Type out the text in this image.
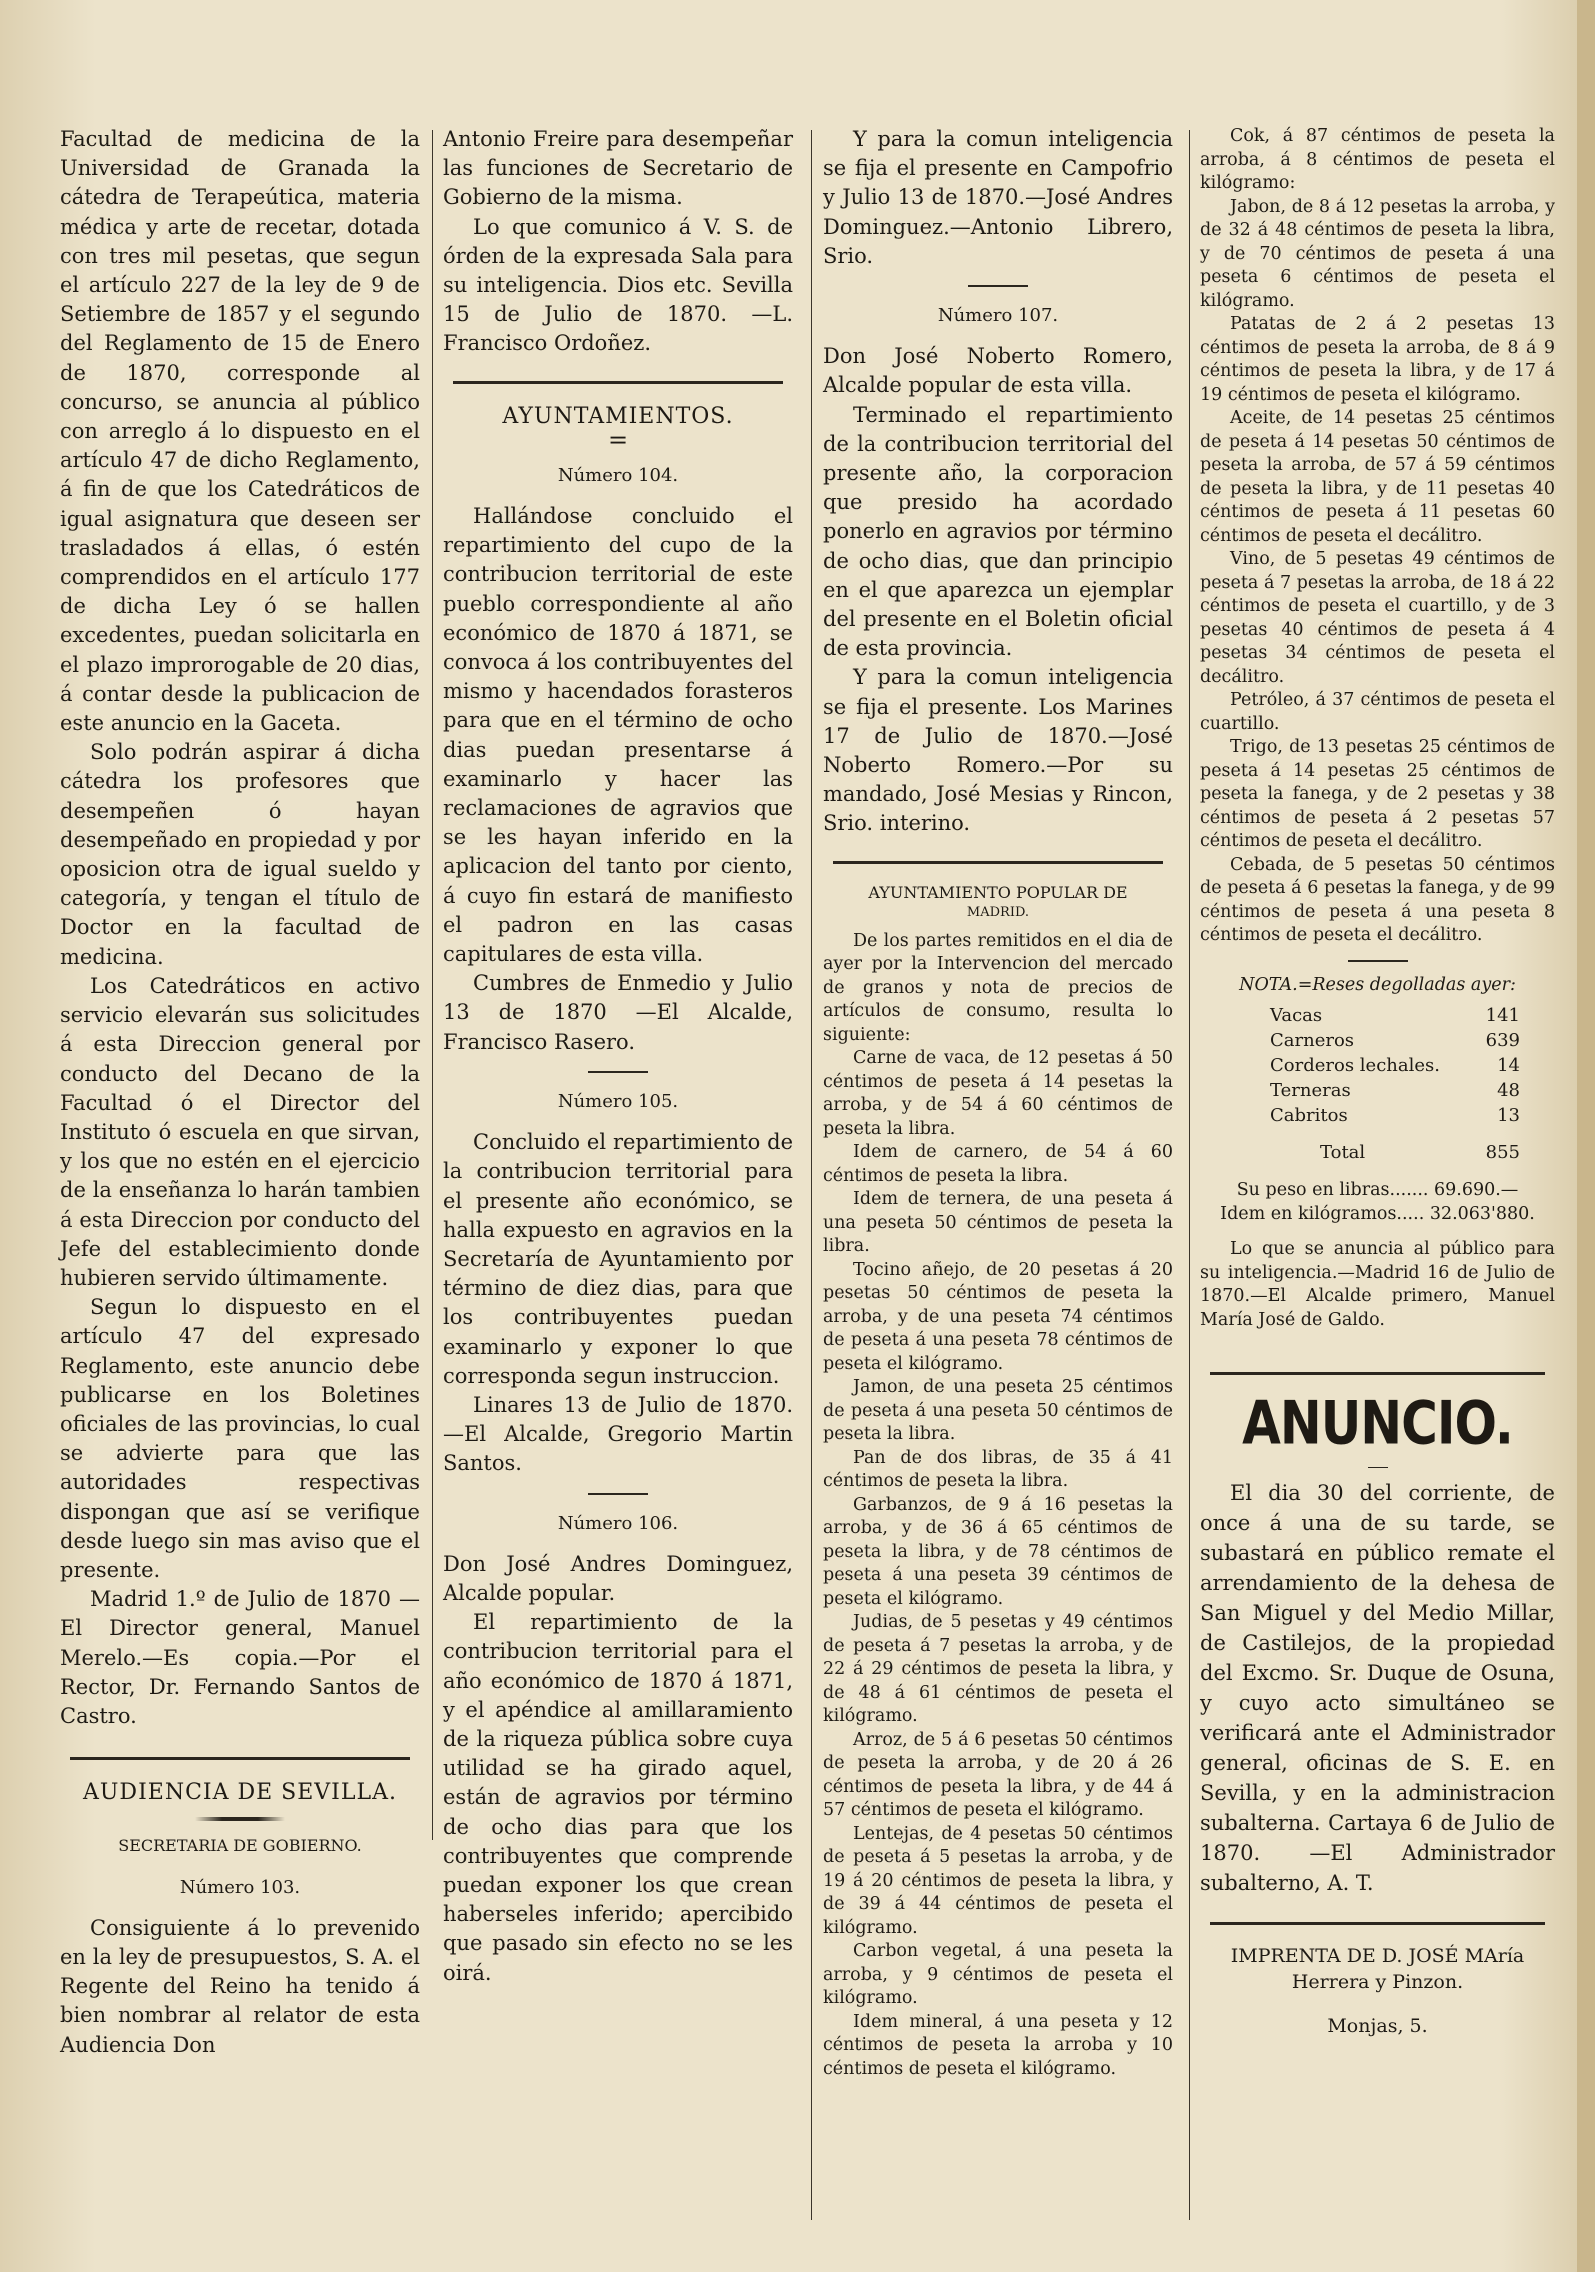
Facultad de medicina de la Universidad de Granada la cátedra de Terapeútica, materia médica y arte de recetar, dotada con tres mil pesetas, que segun el artículo 227 de la ley de 9 de Setiembre de 1857 y el segundo del Reglamento de 15 de Enero de 1870, corresponde al concurso, se anuncia al público con arreglo á lo dispuesto en el artículo 47 de dicho Reglamento, á fin de que los Catedráticos de igual asignatura que deseen ser trasladados á ellas, ó estén comprendidos en el artículo 177 de dicha Ley ó se hallen excedentes, puedan solicitarla en el plazo improrogable de 20 dias, á contar desde la publicacion de este anuncio en la Gaceta.

Solo podrán aspirar á dicha cátedra los profesores que desempeñen ó hayan desempeñado en propiedad y por oposicion otra de igual sueldo y categoría, y tengan el título de Doctor en la facultad de medicina.

Los Catedráticos en activo servicio elevarán sus solicitudes á esta Direccion general por conducto del Decano de la Facultad ó el Director del Instituto ó escuela en que sirvan, y los que no estén en el ejercicio de la enseñanza lo harán tambien á esta Direccion por conducto del Jefe del establecimiento donde hubieren servido últimamente.

Segun lo dispuesto en el artículo 47 del expresado Reglamento, este anuncio debe publicarse en los Boletines oficiales de las provincias, lo cual se advierte para que las autoridades respectivas dispongan que así se verifique desde luego sin mas aviso que el presente.

Madrid 1.º de Julio de 1870 —El Director general, Manuel Merelo.—Es copia.—Por el Rector, Dr. Fernando Santos de Castro.

AUDIENCIA DE SEVILLA.

SECRETARIA DE GOBIERNO.

Número 103.

Consiguiente á lo prevenido en la ley de presupuestos, S. A. el Regente del Reino ha tenido á bien nombrar al relator de esta Audiencia Don

Antonio Freire para desempeñar las funciones de Secretario de Gobierno de la misma.

Lo que comunico á V. S. de órden de la expresada Sala para su inteligencia. Dios etc. Sevilla 15 de Julio de 1870. —L. Francisco Ordoñez.

AYUNTAMIENTOS.

=

Número 104.

Hallándose concluido el repartimiento del cupo de la contribucion territorial de este pueblo correspondiente al año económico de 1870 á 1871, se convoca á los contribuyentes del mismo y hacendados forasteros para que en el término de ocho dias puedan presentarse á examinarlo y hacer las reclamaciones de agravios que se les hayan inferido en la aplicacion del tanto por ciento, á cuyo fin estará de manifiesto el padron en las casas capitulares de esta villa.

Cumbres de Enmedio y Julio 13 de 1870 —El Alcalde, Francisco Rasero.

Número 105.

Concluido el repartimiento de la contribucion territorial para el presente año económico, se halla expuesto en agravios en la Secretaría de Ayuntamiento por término de diez dias, para que los contribuyentes puedan examinarlo y exponer lo que corresponda segun instruccion.

Linares 13 de Julio de 1870. —El Alcalde, Gregorio Martin Santos.

Número 106.

Don José Andres Dominguez, Alcalde popular.

El repartimiento de la contribucion territorial para el año económico de 1870 á 1871, y el apéndice al amillaramiento de la riqueza pública sobre cuya utilidad se ha girado aquel, están de agravios por término de ocho dias para que los contribuyentes que comprende puedan exponer los que crean haberseles inferido; apercibido que pasado sin efecto no se les oirá.

Y para la comun inteligencia se fija el presente en Campofrio y Julio 13 de 1870.—José Andres Dominguez.—Antonio Librero, Srio.

Número 107.

Don José Noberto Romero, Alcalde popular de esta villa.

Terminado el repartimiento de la contribucion territorial del presente año, la corporacion que presido ha acordado ponerlo en agravios por término de ocho dias, que dan principio en el que aparezca un ejemplar del presente en el Boletin oficial de esta provincia.

Y para la comun inteligencia se fija el presente. Los Marines 17 de Julio de 1870.—José Noberto Romero.—Por su mandado, José Mesias y Rincon, Srio. interino.

AYUNTAMIENTO POPULAR DE

MADRID.

De los partes remitidos en el dia de ayer por la Intervencion del mercado de granos y nota de precios de artículos de consumo, resulta lo siguiente:

Carne de vaca, de 12 pesetas á 50 céntimos de peseta á 14 pesetas la arroba, y de 54 á 60 céntimos de peseta la libra.

Idem de carnero, de 54 á 60 céntimos de peseta la libra.

Idem de ternera, de una peseta á una peseta 50 céntimos de peseta la libra.

Tocino añejo, de 20 pesetas á 20 pesetas 50 céntimos de peseta la arroba, y de una peseta 74 céntimos de peseta á una peseta 78 céntimos de peseta el kilógramo.

Jamon, de una peseta 25 céntimos de peseta á una peseta 50 céntimos de peseta la libra.

Pan de dos libras, de 35 á 41 céntimos de peseta la libra.

Garbanzos, de 9 á 16 pesetas la arroba, y de 36 á 65 céntimos de peseta la libra, y de 78 céntimos de peseta á una peseta 39 céntimos de peseta el kilógramo.

Judias, de 5 pesetas y 49 céntimos de peseta á 7 pesetas la arroba, y de 22 á 29 céntimos de peseta la libra, y de 48 á 61 céntimos de peseta el kilógramo.

Arroz, de 5 á 6 pesetas 50 céntimos de peseta la arroba, y de 20 á 26 céntimos de peseta la libra, y de 44 á 57 céntimos de peseta el kilógramo.

Lentejas, de 4 pesetas 50 céntimos de peseta á 5 pesetas la arroba, y de 19 á 20 céntimos de peseta la libra, y de 39 á 44 céntimos de peseta el kilógramo.

Carbon vegetal, á una peseta la arroba, y 9 céntimos de peseta el kilógramo.

Idem mineral, á una peseta y 12 céntimos de peseta la arroba y 10 céntimos de peseta el kilógramo.

Cok, á 87 céntimos de peseta la arroba, á 8 céntimos de peseta el kilógramo:

Jabon, de 8 á 12 pesetas la arroba, y de 32 á 48 céntimos de peseta la libra, y de 70 céntimos de peseta á una peseta 6 céntimos de peseta el kilógramo.

Patatas de 2 á 2 pesetas 13 céntimos de peseta la arroba, de 8 á 9 céntimos de peseta la libra, y de 17 á 19 céntimos de peseta el kilógramo.

Aceite, de 14 pesetas 25 céntimos de peseta á 14 pesetas 50 céntimos de peseta la arroba, de 57 á 59 céntimos de peseta la libra, y de 11 pesetas 40 céntimos de peseta á 11 pesetas 60 céntimos de peseta el decálitro.

Vino, de 5 pesetas 49 céntimos de peseta á 7 pesetas la arroba, de 18 á 22 céntimos de peseta el cuartillo, y de 3 pesetas 40 céntimos de peseta á 4 pesetas 34 céntimos de peseta el decálitro.

Petróleo, á 37 céntimos de peseta el cuartillo.

Trigo, de 13 pesetas 25 céntimos de peseta á 14 pesetas 25 céntimos de peseta la fanega, y de 2 pesetas y 38 céntimos de peseta á 2 pesetas 57 céntimos de peseta el decálitro.

Cebada, de 5 pesetas 50 céntimos de peseta á 6 pesetas la fanega, y de 99 céntimos de peseta á una peseta 8 céntimos de peseta el decálitro.

NOTA.=Reses degolladas ayer:

Vacas	141
Carneros	639
Corderos lechales.	14
Terneras	48
Cabritos	13
Total	855

Su peso en libras....... 69.690.—

Idem en kilógramos..... 32.063'880.

Lo que se anuncia al público para su inteligencia.—Madrid 16 de Julio de 1870.—El Alcalde primero, Manuel María José de Galdo.

ANUNCIO.

El dia 30 del corriente, de once á una de su tarde, se subastará en público remate el arrendamiento de la dehesa de San Miguel y del Medio Millar, de Castilejos, de la propiedad del Excmo. Sr. Duque de Osuna, y cuyo acto simultáneo se verificará ante el Administrador general, oficinas de S. E. en Sevilla, y en la administracion subalterna. Cartaya 6 de Julio de 1870. —El Administrador subalterno, A. T.

IMPRENTA DE D. JOSÉ MAría Herrera y Pinzon.

Monjas, 5.
